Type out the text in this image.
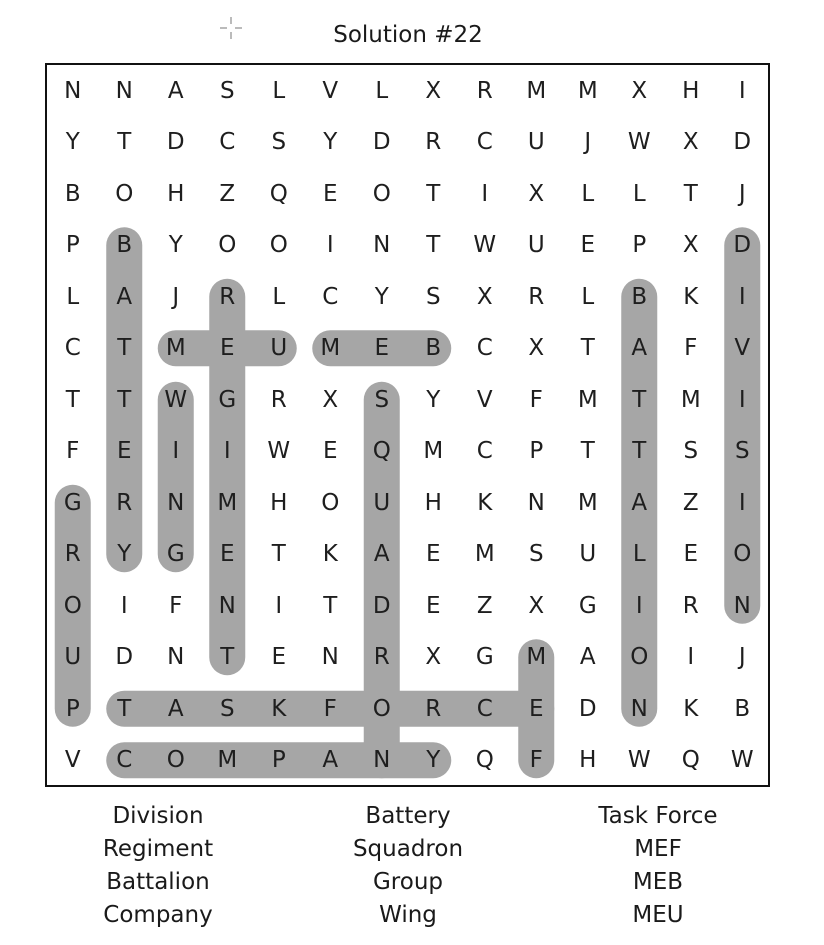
Solution #22
N	N	A	S	L	V	L	X	R	M	M	X	H	I
Y	T	D	C	S	Y	D	R	C	U	J	W	X	D
B	O	H	Z	Q	E	O	T	I	X	L	L	T	J
P	B	Y	O	O	I	N	T	W	U	E	P	X	D
L	A	J	R	L	C	Y	S	X	R	L	B	K	I
C	T	M	E	U	M	E	B	C	X	T	A	F	V
T	T	W	G	R	X	S	Y	V	F	M	T	M	I
F	E	I	I	W	E	Q	M	C	P	T	T	S	S
G	R	N	M	H	O	U	H	K	N	M	A	Z	I
R	Y	G	E	T	K	A	E	M	S	U	L	E	O
O	I	F	N	I	T	D	E	Z	X	G	I	R	N
U	D	N	T	E	N	R	X	G	M	A	O	I	J
P	T	A	S	K	F	O	R	C	E	D	N	K	B
V	C	O	M	P	A	N	Y	Q	F	H	W	Q	W
Division
Regiment
Battalion
Company
Battery
Squadron
Group
Wing
Task Force
MEF
MEB
MEU
